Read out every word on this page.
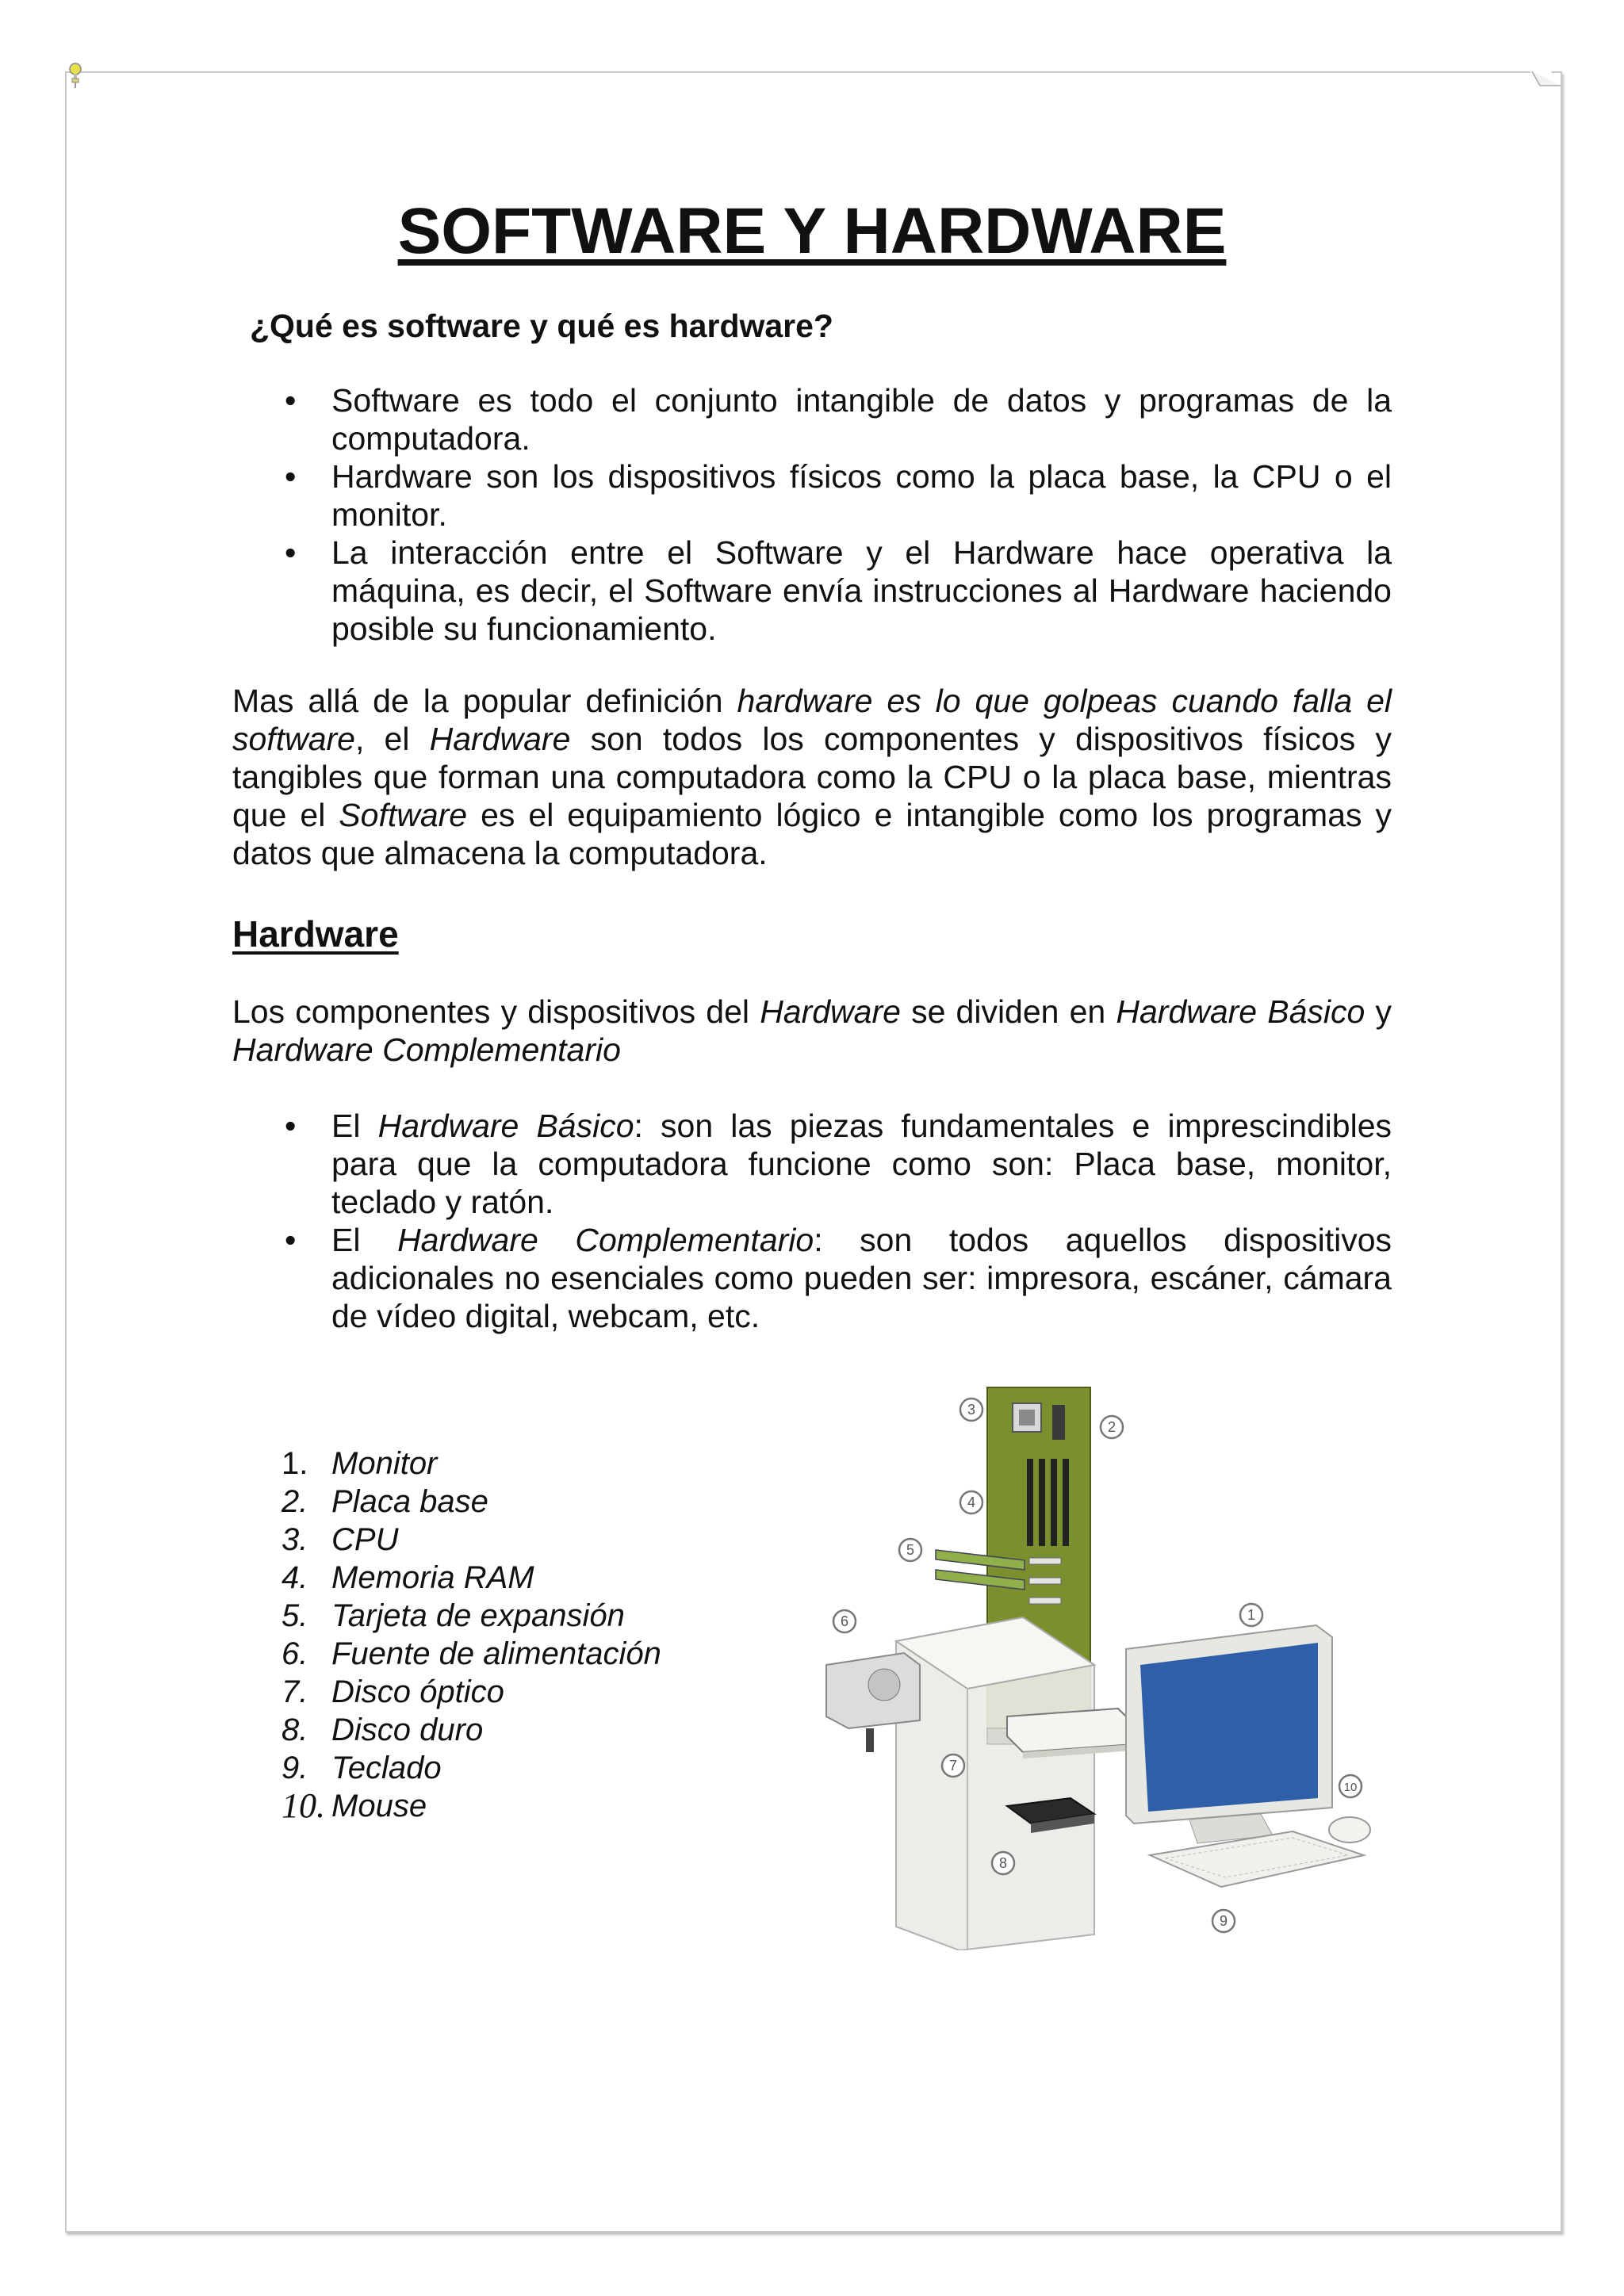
SOFTWARE Y HARDWARE
¿Qué es software y qué es hardware?
• Software es todo el conjunto intangible de datos y programas de la computadora.
• Hardware son los dispositivos físicos como la placa base, la CPU o el monitor.
• La interacción entre el Software y el Hardware hace operativa la máquina, es decir, el Software envía instrucciones al Hardware haciendo posible su funcionamiento.
Mas allá de la popular definición hardware es lo que golpeas cuando falla el software, el Hardware son todos los componentes y dispositivos físicos y tangibles que forman una computadora como la CPU o la placa base, mientras que el Software es el equipamiento lógico e intangible como los programas y datos que almacena la computadora.
Hardware
Los componentes y dispositivos del Hardware se dividen en Hardware Básico y Hardware Complementario
• El Hardware Básico: son las piezas fundamentales e imprescindibles para que la computadora funcione como son: Placa base, monitor, teclado y ratón.
• El Hardware Complementario: son todos aquellos dispositivos adicionales no esenciales como pueden ser: impresora, escáner, cámara de vídeo digital, webcam, etc.
1. Monitor
2. Placa base
3. CPU
4. Memoria RAM
5. Tarjeta de expansión
6. Fuente de alimentación
7. Disco óptico
8. Disco duro
9. Teclado
10. Mouse
1
2
3
4
5
6
7
8
9
10
